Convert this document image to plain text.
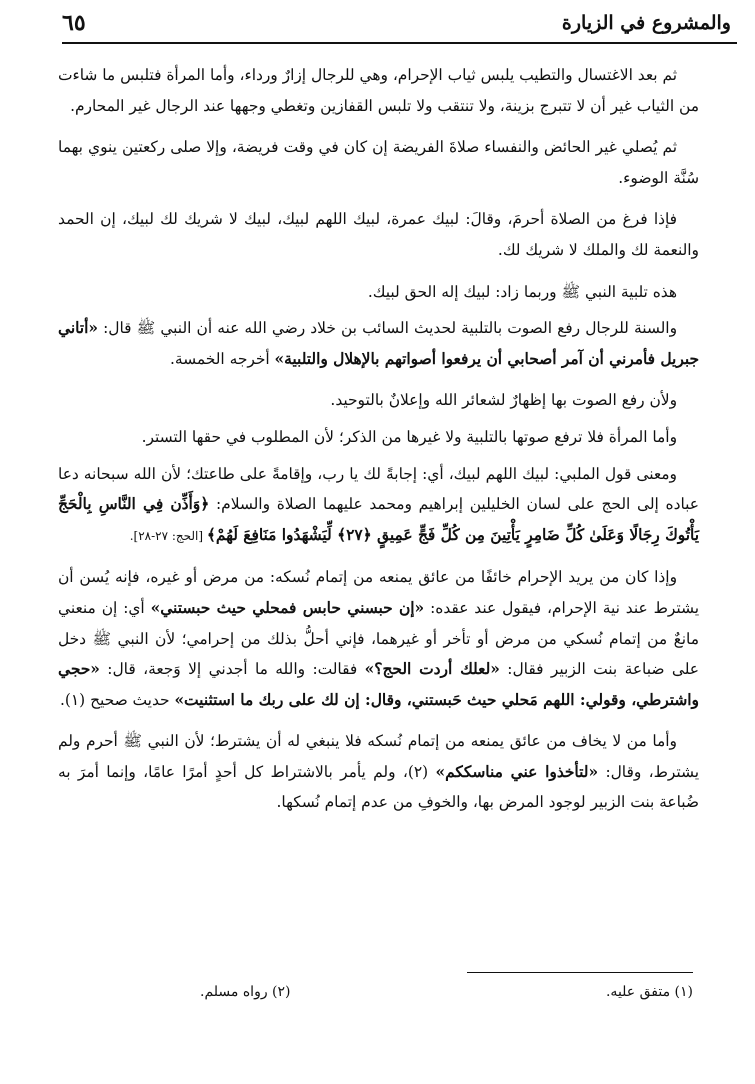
والمشروع في الزيارة
٦٥

ثم بعد الاغتسال والتطيب يلبس ثياب الإحرام، وهي للرجال إزارٌ ورداء، وأما المرأة فتلبس ما شاءت من الثياب غير أن لا تتبرج بزينة، ولا تنتقب ولا تلبس القفازين وتغطي وجهها عند الرجال غير المحارم.

ثم يُصلي غير الحائض والنفساء صلاةَ الفريضة إن كان في وقت فريضة، وإلا صلى ركعتين ينوي بهما سُنَّة الوضوء.

فإذا فرغ من الصلاة أحرمَ، وقالَ: لبيك عمرة، لبيك اللهم لبيك، لبيك لا شريك لك لبيك، إن الحمد والنعمة لك والملك لا شريك لك.

هذه تلبية النبي ﷺ وربما زاد: لبيك إله الحق لبيك.

والسنة للرجال رفع الصوت بالتلبية لحديث السائب بن خلاد رضي الله عنه أن النبي ﷺ قال: «أتاني جبريل فأمرني أن آمر أصحابي أن يرفعوا أصواتهم بالإهلال والتلبية» أخرجه الخمسة.

ولأن رفع الصوت بها إظهارٌ لشعائر الله وإعلانٌ بالتوحيد.

وأما المرأة فلا ترفع صوتها بالتلبية ولا غيرها من الذكر؛ لأن المطلوب في حقها التستر.

ومعنى قول الملبي: لبيك اللهم لبيك، أي: إجابةً لك يا رب، وإقامةً على طاعتك؛ لأن الله سبحانه دعا عباده إلى الحج على لسان الخليلين إبراهيم ومحمد عليهما الصلاة والسلام: ﴿وَأَذِّن فِي النَّاسِ بِالْحَجِّ يَأْتُوكَ رِجَالًا وَعَلَىٰ كُلِّ ضَامِرٍ يَأْتِينَ مِن كُلِّ فَجٍّ عَمِيقٍ ﴿٢٧﴾ لِّيَشْهَدُوا مَنَافِعَ لَهُمْ﴾ [الحج: ٢٧-٢٨].

وإذا كان من يريد الإحرام خائفًا من عائق يمنعه من إتمام نُسكه: من مرض أو غيره، فإنه يُسن أن يشترط عند نية الإحرام، فيقول عند عقده: «إن حبسني حابس فمحلي حيث حبستني» أي: إن منعني مانعٌ من إتمام نُسكي من مرض أو تأخر أو غيرهما، فإني أحلُّ بذلك من إحرامي؛ لأن النبي ﷺ دخل على ضباعة بنت الزبير فقال: «لعلك أردت الحج؟» فقالت: والله ما أجدني إلا وَجعة، قال: «حجي واشترطي، وقولي: اللهم مَحلي حيث حَبستني، وقال: إن لك على ربك ما استثنيت» حديث صحيح (١).

وأما من لا يخاف من عائق يمنعه من إتمام نُسكه فلا ينبغي له أن يشترط؛ لأن النبي ﷺ أحرم ولم يشترط، وقال: «لتأخذوا عني مناسككم» (٢)، ولم يأمر بالاشتراط كل أحدٍ أمرًا عامًا، وإنما أمرَ به ضُباعة بنت الزبير لوجود المرض بها، والخوفِ من عدم إتمام نُسكها.

(١) متفق عليه.
(٢) رواه مسلم.
